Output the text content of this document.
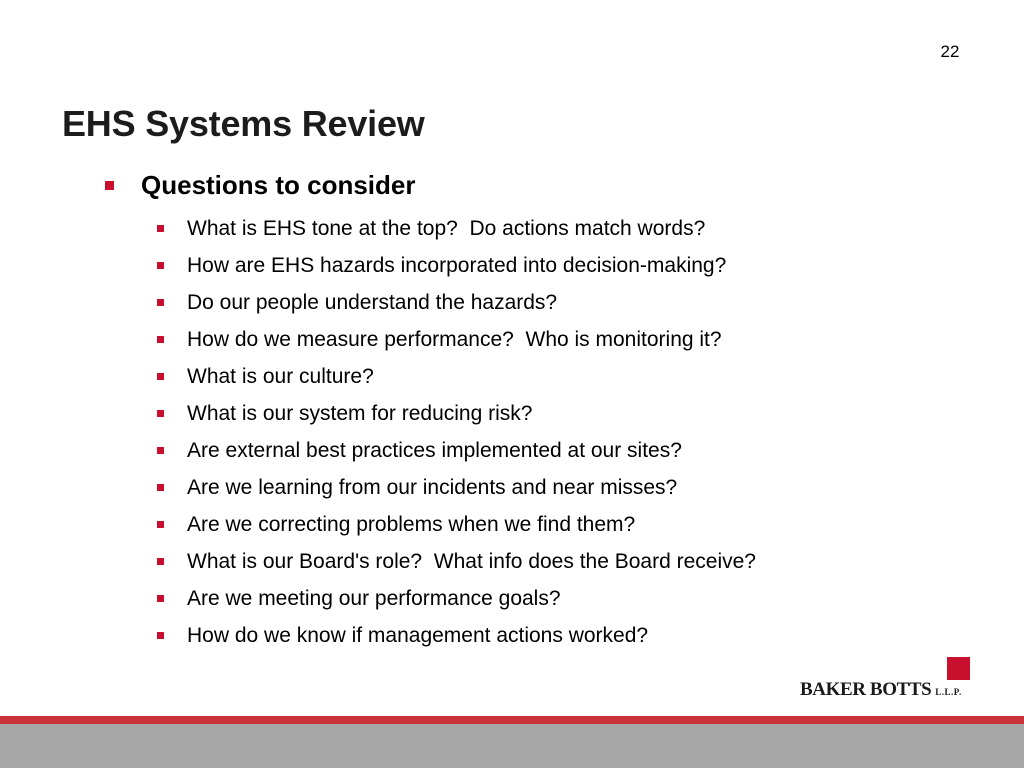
22
EHS Systems Review
Questions to consider
What is EHS tone at the top?  Do actions match words?
How are EHS hazards incorporated into decision-making?
Do our people understand the hazards?
How do we measure performance?  Who is monitoring it?
What is our culture?
What is our system for reducing risk?
Are external best practices implemented at our sites?
Are we learning from our incidents and near misses?
Are we correcting problems when we find them?
What is our Board's role?  What info does the Board receive?
Are we meeting our performance goals?
How do we know if management actions worked?
BAKER BOTTS L.L.P.
